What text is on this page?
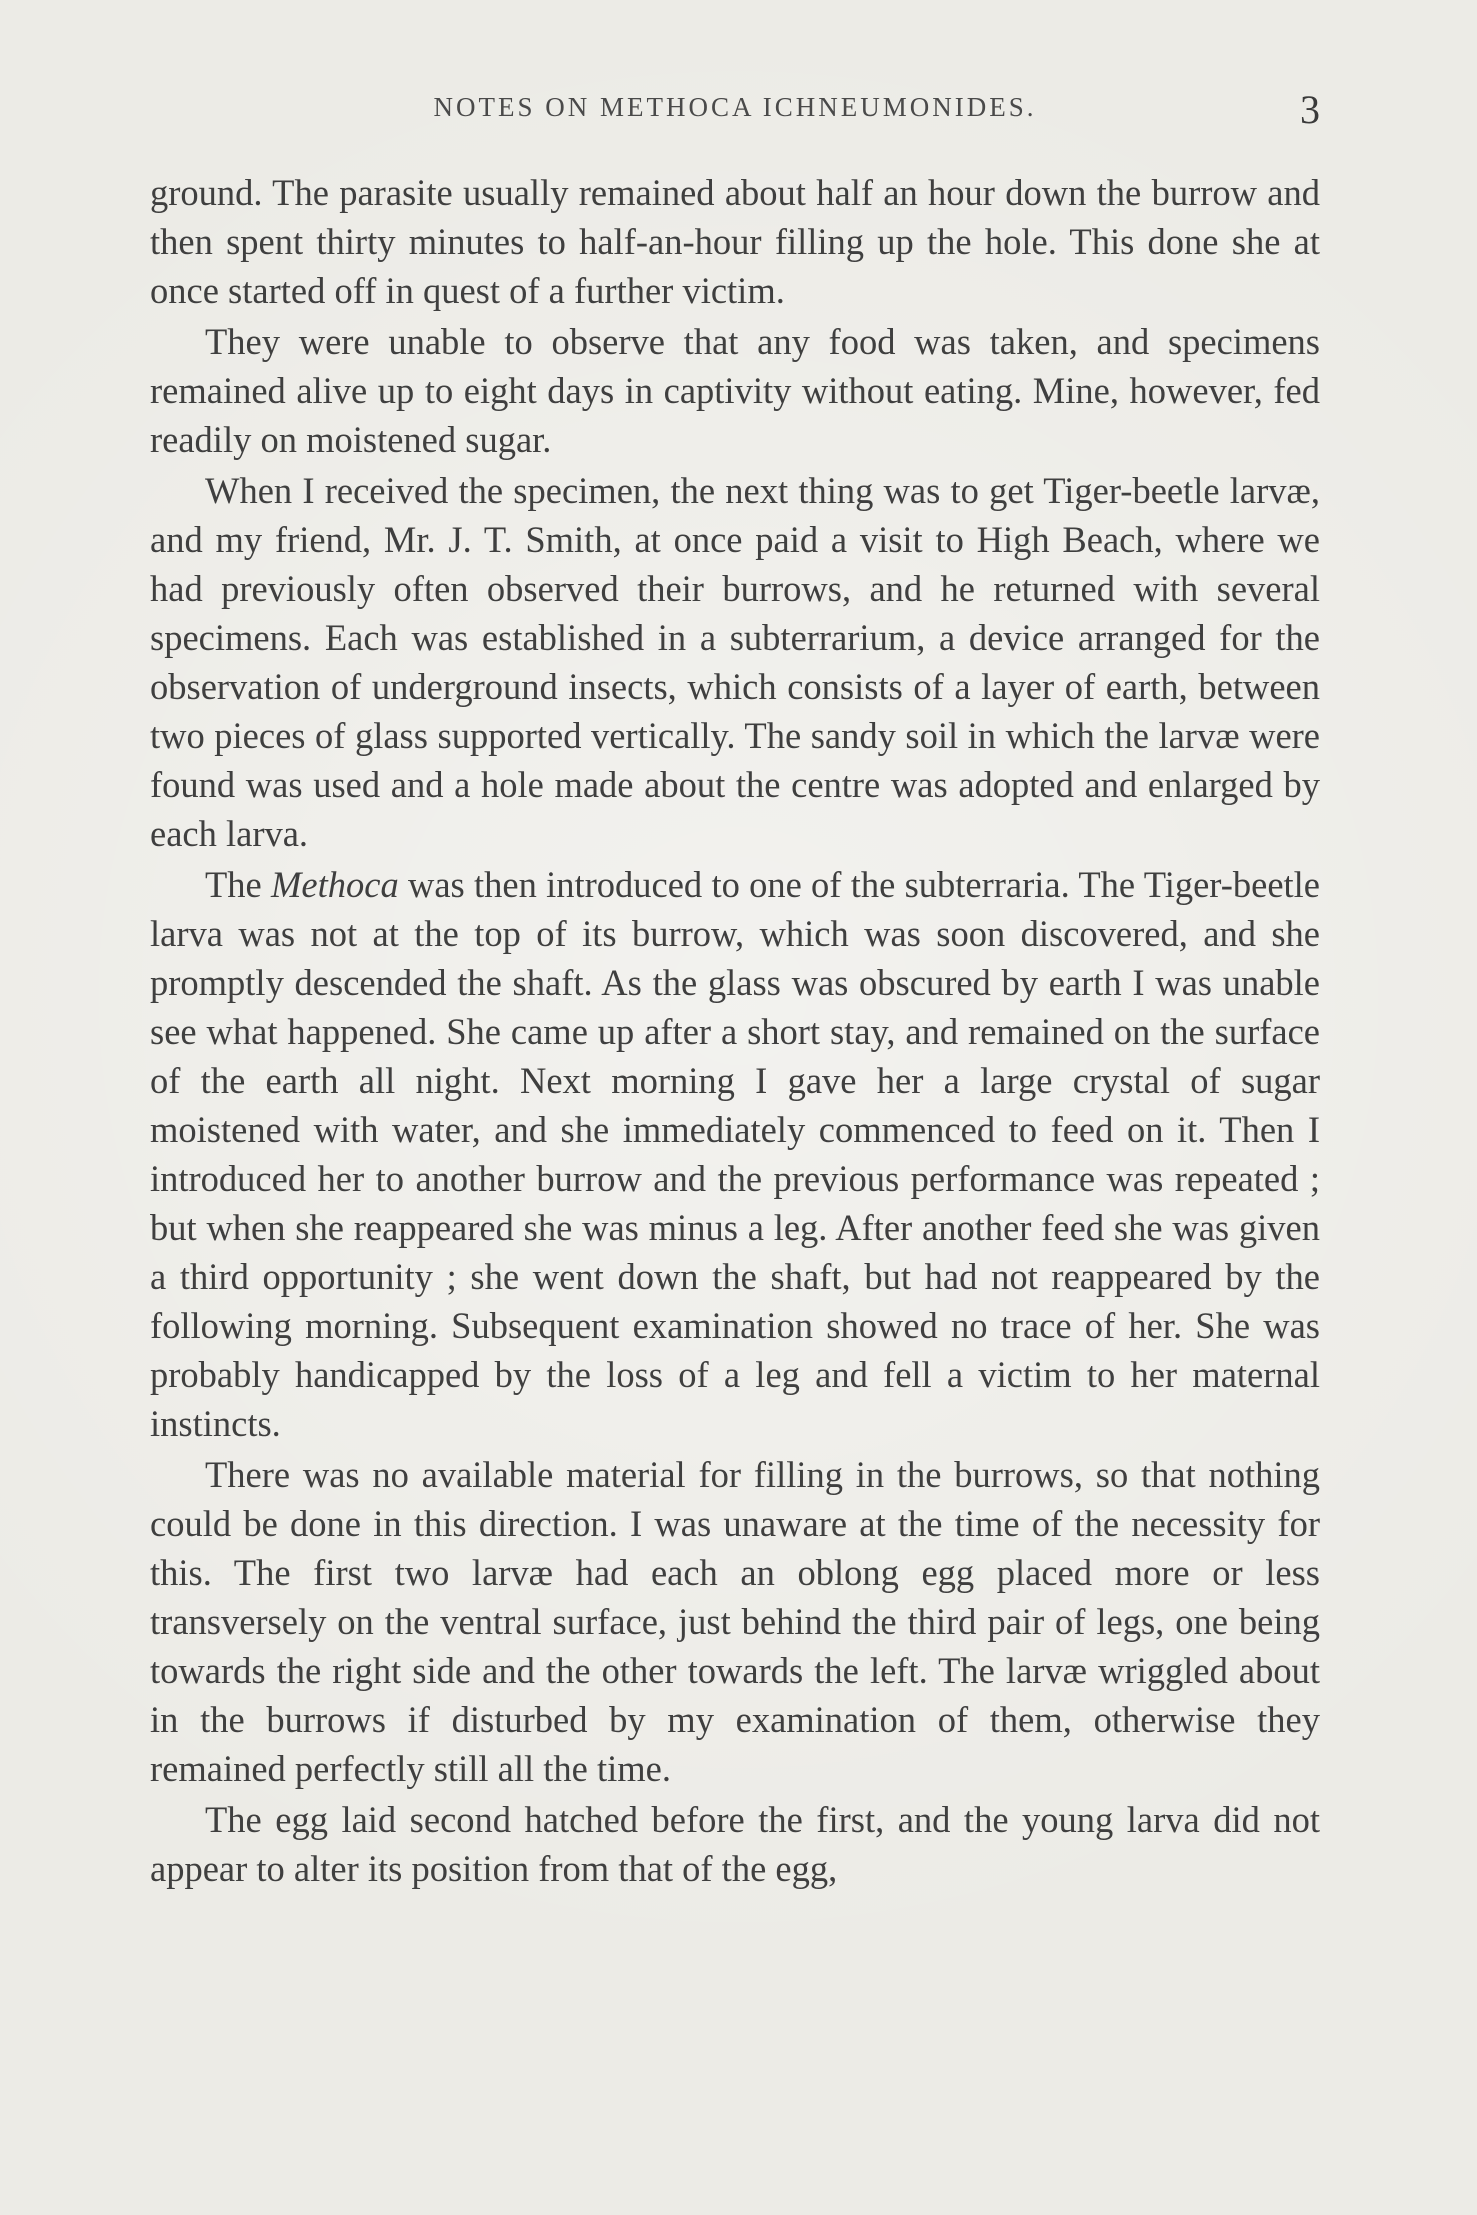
NOTES ON METHOCA ICHNEUMONIDES.	3

ground. The parasite usually remained about half an hour down the burrow and then spent thirty minutes to half-an-hour filling up the hole. This done she at once started off in quest of a further victim.

They were unable to observe that any food was taken, and specimens remained alive up to eight days in captivity without eating. Mine, however, fed readily on moistened sugar.

When I received the specimen, the next thing was to get Tiger-beetle larvæ, and my friend, Mr. J. T. Smith, at once paid a visit to High Beach, where we had previously often observed their burrows, and he returned with several specimens. Each was established in a subterrarium, a device arranged for the observation of underground insects, which consists of a layer of earth, between two pieces of glass supported vertically. The sandy soil in which the larvæ were found was used and a hole made about the centre was adopted and enlarged by each larva.

The Methoca was then introduced to one of the subterraria. The Tiger-beetle larva was not at the top of its burrow, which was soon discovered, and she promptly descended the shaft. As the glass was obscured by earth I was unable see what happened. She came up after a short stay, and remained on the surface of the earth all night. Next morning I gave her a large crystal of sugar moistened with water, and she immediately commenced to feed on it. Then I introduced her to another burrow and the previous performance was repeated ; but when she reappeared she was minus a leg. After another feed she was given a third opportunity ; she went down the shaft, but had not reappeared by the following morning. Subsequent examination showed no trace of her. She was probably handicapped by the loss of a leg and fell a victim to her maternal instincts.

There was no available material for filling in the burrows, so that nothing could be done in this direction. I was unaware at the time of the necessity for this. The first two larvæ had each an oblong egg placed more or less transversely on the ventral surface, just behind the third pair of legs, one being towards the right side and the other towards the left. The larvæ wriggled about in the burrows if disturbed by my examination of them, otherwise they remained perfectly still all the time.

The egg laid second hatched before the first, and the young larva did not appear to alter its position from that of the egg,
